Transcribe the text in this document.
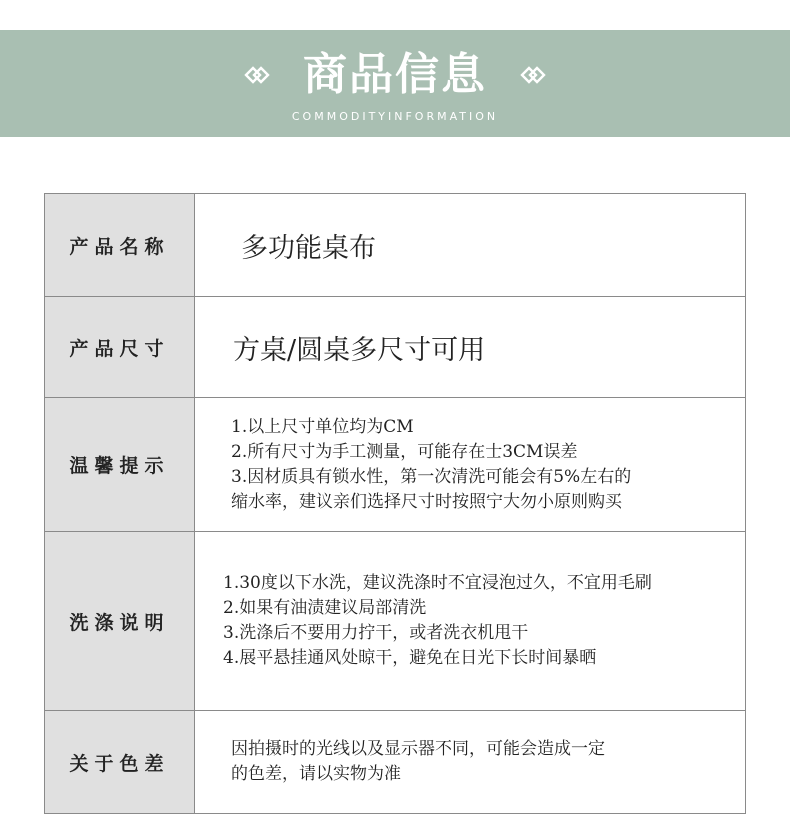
商品信息
COMMODITYINFORMATION
产品名称	多功能桌布

产品尺寸	方桌/圆桌多尺寸可用

温馨提示	1.以上尺寸单位均为CM
2.所有尺寸为手工测量，可能存在士3CM误差
3.因材质具有锁水性，第一次清洗可能会有5%左右的
缩水率，建议亲们选择尺寸时按照宁大勿小原则购买

洗涤说明	1.30度以下水洗，建议洗涤时不宜浸泡过久，不宜用毛刷
2.如果有油渍建议局部清洗
3.洗涤后不要用力拧干，或者洗衣机甩干
4.展平悬挂通风处晾干，避免在日光下长时间暴晒

关于色差	因拍摄时的光线以及显示器不同，可能会造成一定
的色差，请以实物为准
